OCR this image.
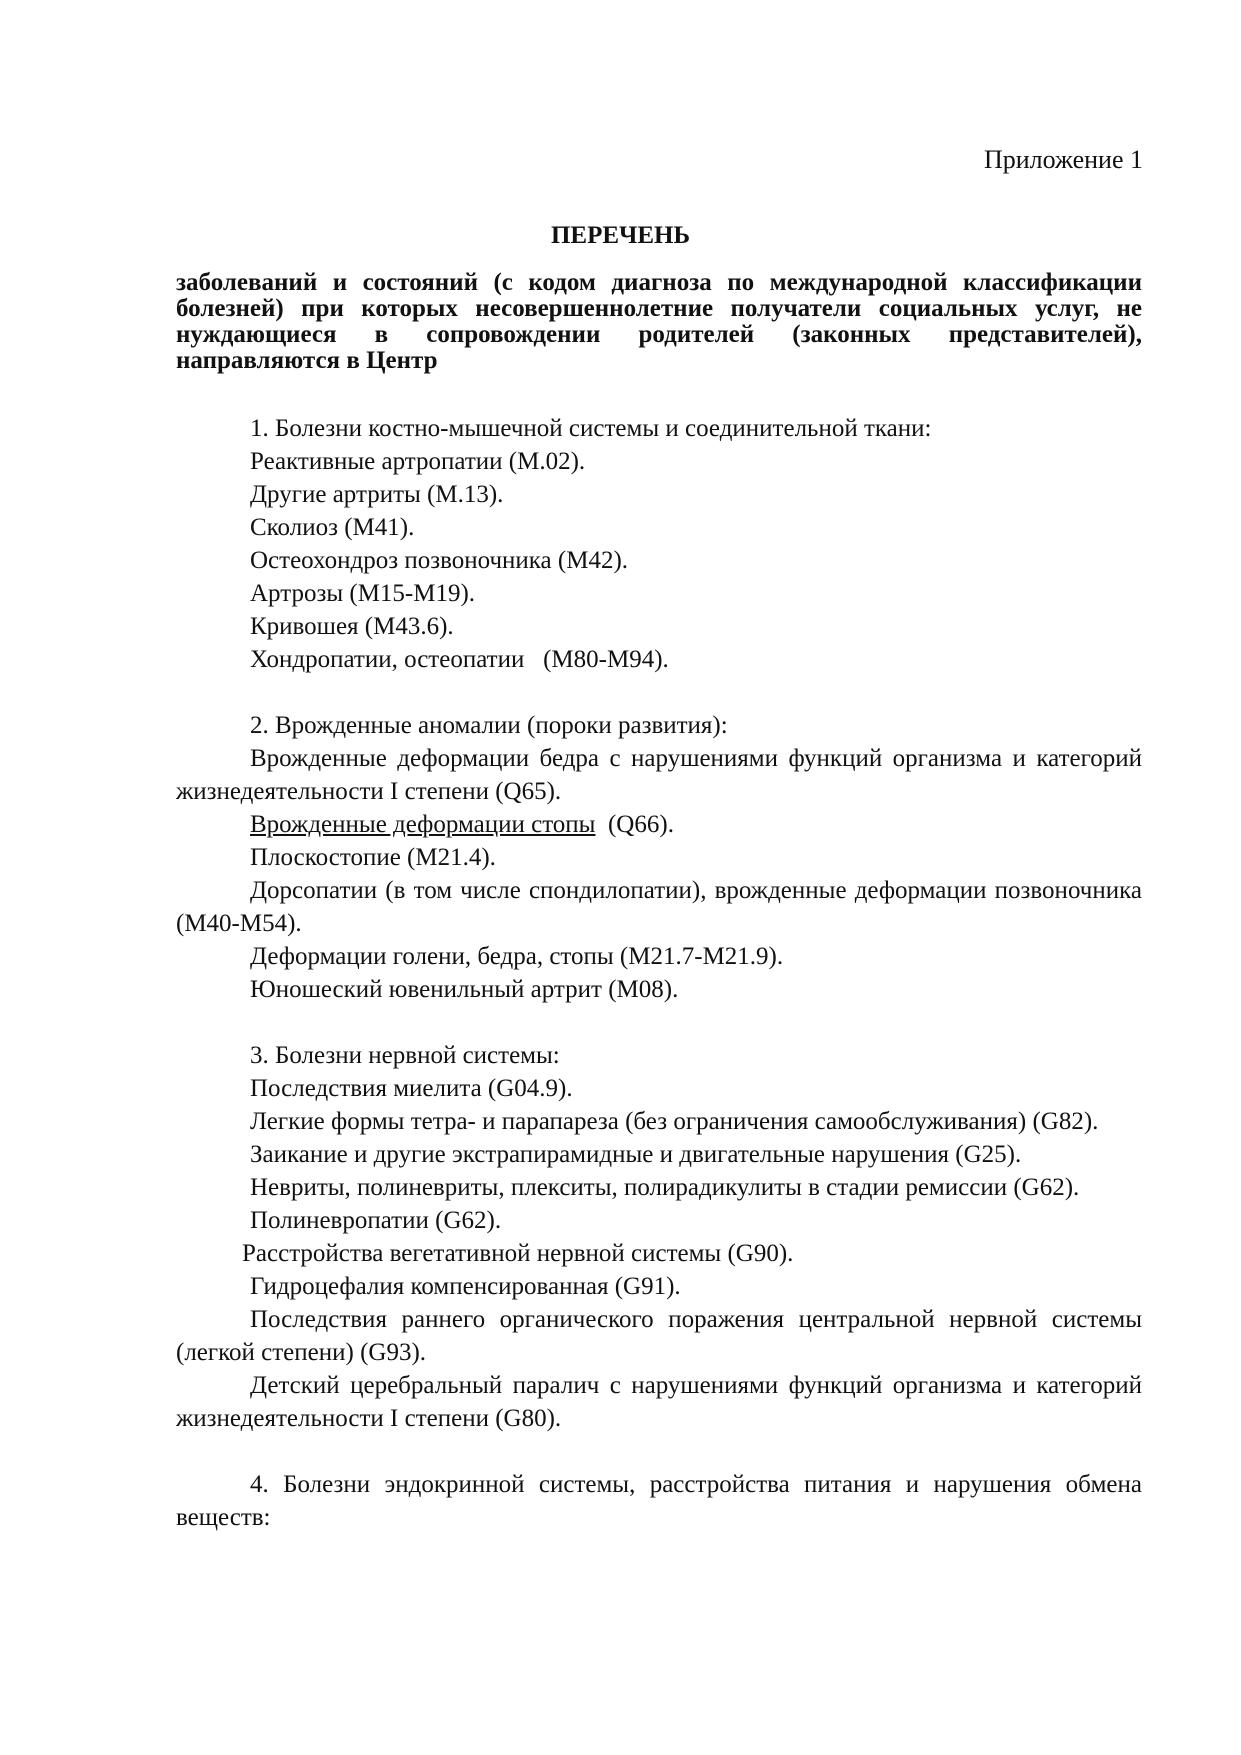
Приложение 1
ПЕРЕЧЕНЬ
заболеваний и состояний (с кодом диагноза по международной классификации болезней) при которых несовершеннолетние получатели социальных услуг, не нуждающиеся в сопровождении родителей (законных представителей), направляются в Центр

1. Болезни костно-мышечной системы и соединительной ткани:

Реактивные артропатии (М.02).

Другие артриты (М.13).

Сколиоз (М41).

Остеохондроз позвоночника (М42).

Артрозы (М15-М19).

Кривошея (М43.6).

Хондропатии, остеопатии   (М80-М94).

2. Врожденные аномалии (пороки развития):

Врожденные деформации бедра с нарушениями функций организма и категорий жизнедеятельности I степени (Q65).

Врожденные деформации стопы  (Q66).

Плоскостопие (М21.4).

Дорсопатии (в том числе спондилопатии), врожденные деформации позвоночника (М40-М54).

Деформации голени, бедра, стопы (М21.7-М21.9).

Юношеский ювенильный артрит (М08).

3. Болезни нервной системы:

Последствия миелита (G04.9).

Легкие формы тетра- и парапареза (без ограничения самообслуживания) (G82).

Заикание и другие экстрапирамидные и двигательные нарушения (G25).

Невриты, полиневриты, плекситы, полирадикулиты в стадии ремиссии (G62).

Полиневропатии (G62).

Расстройства вегетативной нервной системы (G90).

Гидроцефалия компенсированная (G91).

Последствия раннего органического поражения центральной нервной системы (легкой степени) (G93).

Детский церебральный паралич с нарушениями функций организма и категорий жизнедеятельности I степени (G80).

4. Болезни эндокринной системы, расстройства питания и нарушения обмена веществ:
